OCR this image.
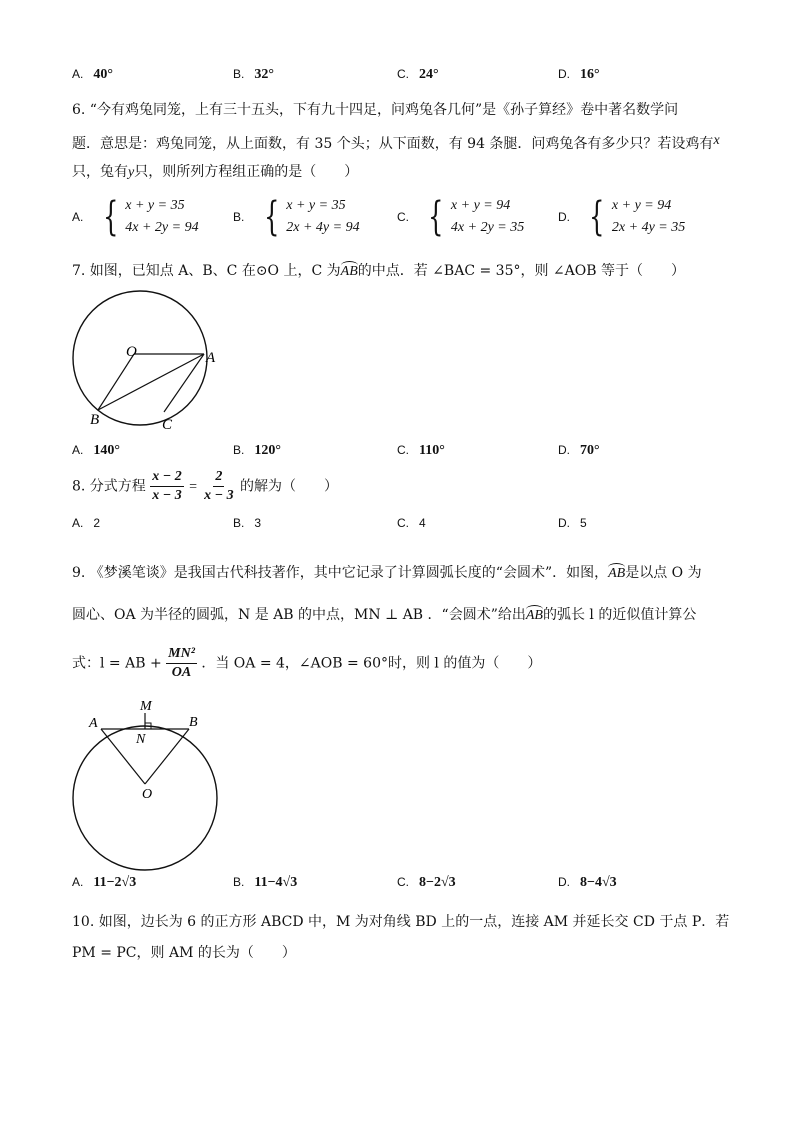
A. 40°	B. 32°	C. 24°	D. 16°
6. “今有鸡兔同笼，上有三十五头，下有九十四足，问鸡兔各几何”是《孙子算经》卷中著名数学问
题．意思是：鸡兔同笼，从上面数，有 35 个头；从下面数，有 94 条腿．问鸡兔各有多少只？若设鸡有x
只，兔有y只，则所列方程组正确的是（　　）
A. { x + y = 35
4x + 2y = 94
B. { x + y = 35
2x + 4y = 94
C. { x + y = 94
4x + 2y = 35
D. { x + y = 94
2x + 4y = 35
7. 如图，已知点 A、B、C 在⊙O 上，C 为AB的中点．若 ∠BAC = 35°，则 ∠AOB 等于（　　）
O	A
B	C
A. 140°	B. 120°	C. 110°	D. 70°
8. 分式方程 $\frac{x - 2}{x - 3} = \frac{2}{x - 3}$ 的解为（　　）
A. 2	B. 3	C. 4	D. 5
9. 《梦溪笔谈》是我国古代科技著作，其中它记录了计算圆弧长度的“会圆术”．如图，AB是以点 O 为
圆心、OA 为半径的圆弧，N 是 AB 的中点，MN ⊥ AB ．“会圆术”给出AB的弧长 l 的近似值计算公
式：l = AB + $\frac{\text{MN²}}{OA}$ ．当 OA = 4，∠AOB = 60°时，则 l 的值为（　　）
M
A	B
N
O
A. 11−2√3	B. 11−4√3	C. 8−2√3	D. 8−4√3
10. 如图，边长为 6 的正方形 ABCD 中，M 为对角线 BD 上的一点，连接 AM 并延长交 CD 于点 P．若
PM = PC，则 AM 的长为（　　）
